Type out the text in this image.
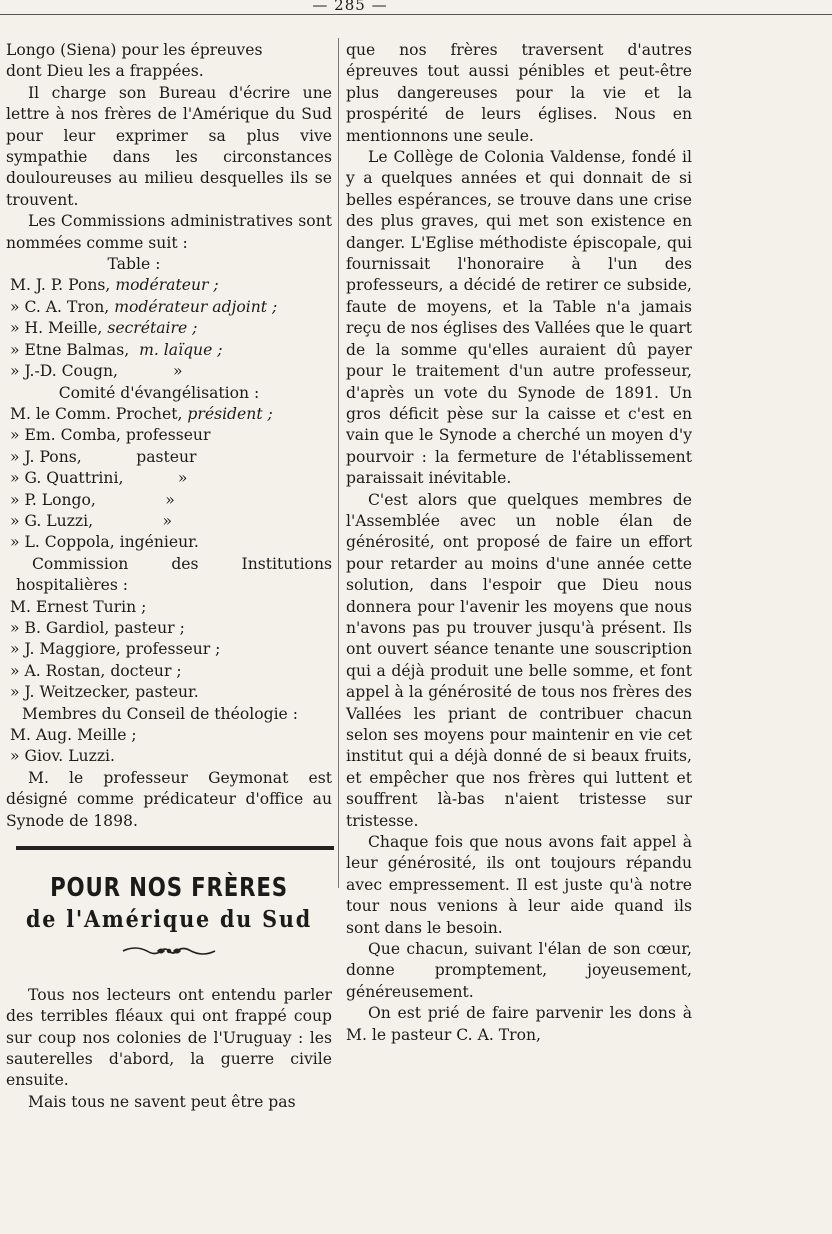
— 285 —
Longo (Siena) pour les épreuves
dont Dieu les a frappées.

Il charge son Bureau d'écrire une lettre à nos frères de l'Amérique du Sud pour leur exprimer sa plus vive sympathie dans les circonstances douloureuses au milieu desquelles ils se trouvent.

Les Commissions administratives sont nommées comme suit :

Table :
M. J. P. Pons, modérateur ;
» C. A. Tron, modérateur adjoint ;
» H. Meille, secrétaire ;
» Etne Balmas, m. laïque ;
» J.-D. Cougn,	»
Comité d'évangélisation :
M. le Comm. Prochet, président ;
» Em. Comba, professeur
» J. Pons,           pasteur
» G. Quattrini,           »
» P. Longo,              »
» G. Luzzi,              »
» L. Coppola, ingénieur.

Commission des Institutions hospitalières :

M. Ernest Turin ;
» B. Gardiol, pasteur ;
» J. Maggiore, professeur ;
» A. Rostan, docteur ;
» J. Weitzecker, pasteur.
Membres du Conseil de théologie :
M. Aug. Meille ;
» Giov. Luzzi.

M. le professeur Geymonat est désigné comme prédicateur d'office au Synode de 1898.

POUR NOS FRÈRES
de l'Amérique du Sud

Tous nos lecteurs ont entendu parler des terribles fléaux qui ont frappé coup sur coup nos colonies de l'Uruguay : les sauterelles d'abord, la guerre civile ensuite.

Mais tous ne savent peut être pas

que nos frères traversent d'autres épreuves tout aussi pénibles et peut-être plus dangereuses pour la vie et la prospérité de leurs églises. Nous en mentionnons une seule.

Le Collège de Colonia Valdense, fondé il y a quelques années et qui donnait de si belles espérances, se trouve dans une crise des plus graves, qui met son existence en danger. L'Eglise méthodiste épiscopale, qui fournissait l'honoraire à l'un des professeurs, a décidé de retirer ce subside, faute de moyens, et la Table n'a jamais reçu de nos églises des Vallées que le quart de la somme qu'elles auraient dû payer pour le traitement d'un autre professeur, d'après un vote du Synode de 1891. Un gros déficit pèse sur la caisse et c'est en vain que le Synode a cherché un moyen d'y pourvoir : la fermeture de l'établissement paraissait inévitable.

C'est alors que quelques membres de l'Assemblée avec un noble élan de générosité, ont proposé de faire un effort pour retarder au moins d'une année cette solution, dans l'espoir que Dieu nous donnera pour l'avenir les moyens que nous n'avons pas pu trouver jusqu'à présent. Ils ont ouvert séance tenante une souscription qui a déjà produit une belle somme, et font appel à la générosité de tous nos frères des Vallées les priant de contribuer chacun selon ses moyens pour maintenir en vie cet institut qui a déjà donné de si beaux fruits, et empêcher que nos frères qui luttent et souffrent là-bas n'aient tristesse sur tristesse.

Chaque fois que nous avons fait appel à leur générosité, ils ont toujours répandu avec empressement. Il est juste qu'à notre tour nous venions à leur aide quand ils sont dans le besoin.

Que chacun, suivant l'élan de son cœur, donne promptement, joyeusement, généreusement.

On est prié de faire parvenir les dons à M. le pasteur C. A. Tron,
